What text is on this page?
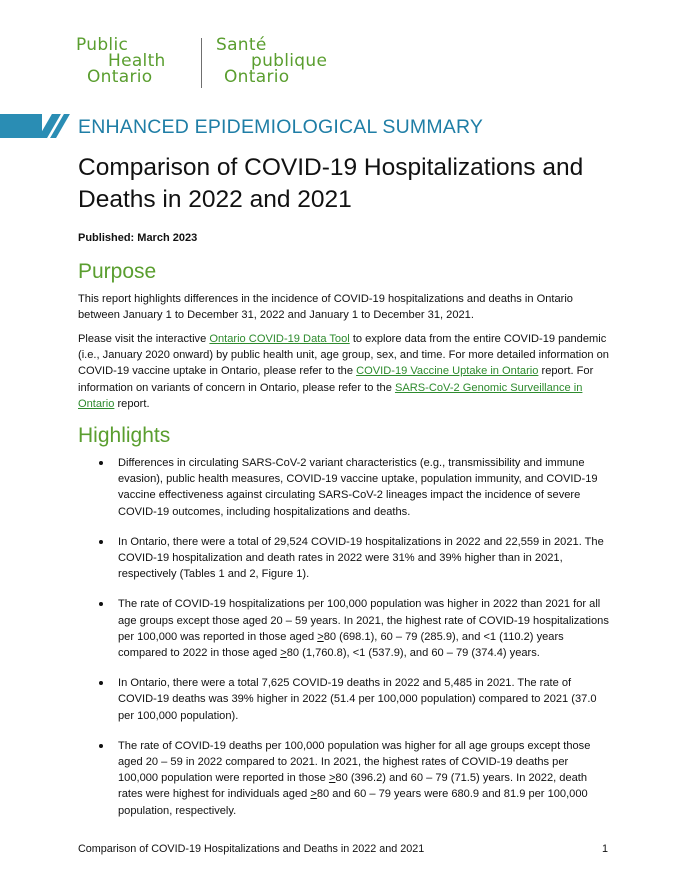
Public
Health
Ontario
Santé
publique
Ontario
ENHANCED EPIDEMIOLOGICAL SUMMARY
Comparison of COVID-19 Hospitalizations and Deaths in 2022 and 2021
Published: March 2023
Purpose
This report highlights differences in the incidence of COVID-19 hospitalizations and deaths in Ontario between January 1 to December 31, 2022 and January 1 to December 31, 2021.
Please visit the interactive Ontario COVID-19 Data Tool to explore data from the entire COVID-19 pandemic (i.e., January 2020 onward) by public health unit, age group, sex, and time. For more detailed information on COVID-19 vaccine uptake in Ontario, please refer to the COVID-19 Vaccine Uptake in Ontario report. For information on variants of concern in Ontario, please refer to the SARS-CoV-2 Genomic Surveillance in Ontario report.
Highlights
Differences in circulating SARS-CoV-2 variant characteristics (e.g., transmissibility and immune evasion), public health measures, COVID-19 vaccine uptake, population immunity, and COVID-19 vaccine effectiveness against circulating SARS-CoV-2 lineages impact the incidence of severe COVID-19 outcomes, including hospitalizations and deaths.
In Ontario, there were a total of 29,524 COVID-19 hospitalizations in 2022 and 22,559 in 2021. The COVID-19 hospitalization and death rates in 2022 were 31% and 39% higher than in 2021, respectively (Tables 1 and 2, Figure 1).
The rate of COVID-19 hospitalizations per 100,000 population was higher in 2022 than 2021 for all age groups except those aged 20 – 59 years. In 2021, the highest rate of COVID-19 hospitalizations per 100,000 was reported in those aged >80 (698.1), 60 – 79 (285.9), and <1 (110.2) years compared to 2022 in those aged >80 (1,760.8), <1 (537.9), and 60 – 79 (374.4) years.
In Ontario, there were a total 7,625 COVID-19 deaths in 2022 and 5,485 in 2021. The rate of COVID-19 deaths was 39% higher in 2022 (51.4 per 100,000 population) compared to 2021 (37.0 per 100,000 population).
The rate of COVID-19 deaths per 100,000 population was higher for all age groups except those aged 20 – 59 in 2022 compared to 2021. In 2021, the highest rates of COVID-19 deaths per 100,000 population were reported in those >80 (396.2) and 60 – 79 (71.5) years. In 2022, death rates were highest for individuals aged >80 and 60 – 79 years were 680.9 and 81.9 per 100,000 population, respectively.
Comparison of COVID-19 Hospitalizations and Deaths in 2022 and 2021	1
